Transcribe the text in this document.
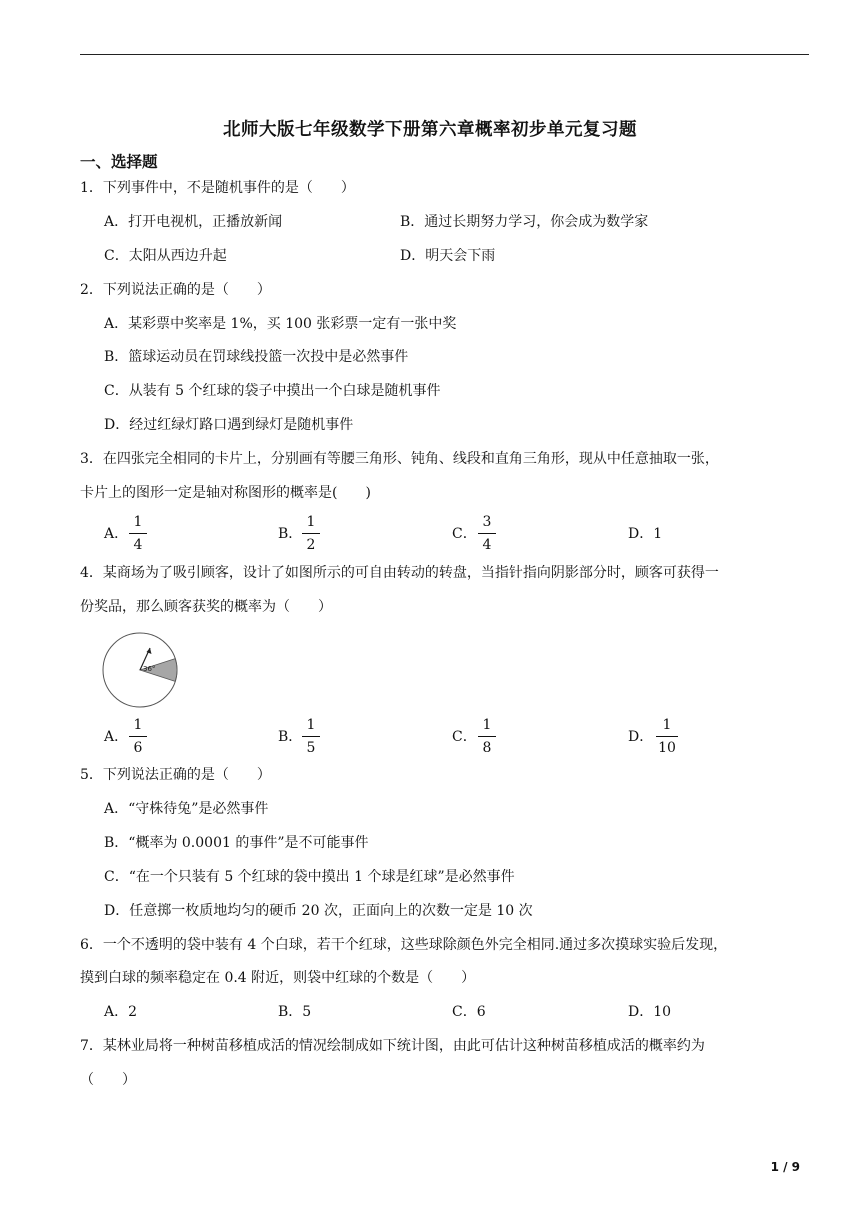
北师大版七年级数学下册第六章概率初步单元复习题
一、选择题
1．下列事件中，不是随机事件的是（　　）
A．打开电视机，正播放新闻	B．通过长期努力学习，你会成为数学家
C．太阳从西边升起	D．明天会下雨
2．下列说法正确的是（　　）
A．某彩票中奖率是 1%，买 100 张彩票一定有一张中奖
B．篮球运动员在罚球线投篮一次投中是必然事件
C．从装有 5 个红球的袋子中摸出一个白球是随机事件
D．经过红绿灯路口遇到绿灯是随机事件
3．在四张完全相同的卡片上，分别画有等腰三角形、钝角、线段和直角三角形，现从中任意抽取一张，
卡片上的图形一定是轴对称图形的概率是(　　)
A．
1
4
B．
1
2
C．
3
4
D．1
4．某商场为了吸引顾客，设计了如图所示的可自由转动的转盘，当指针指向阴影部分时，顾客可获得一
份奖品，那么顾客获奖的概率为（　　）
36°
A．
1
6
B．
1
5
C．
1
8
D．
1
10
5．下列说法正确的是（　　）
A．“守株待兔”是必然事件
B．“概率为 0.0001 的事件”是不可能事件
C．“在一个只装有 5 个红球的袋中摸出 1 个球是红球”是必然事件
D．任意掷一枚质地均匀的硬币 20 次，正面向上的次数一定是 10 次
6．一个不透明的袋中装有 4 个白球，若干个红球，这些球除颜色外完全相同.通过多次摸球实验后发现，
摸到白球的频率稳定在 0.4 附近，则袋中红球的个数是（　　）
A．2	B．5	C．6	D．10
7．某林业局将一种树苗移植成活的情况绘制成如下统计图，由此可估计这种树苗移植成活的概率约为
（　　）
1 / 9
